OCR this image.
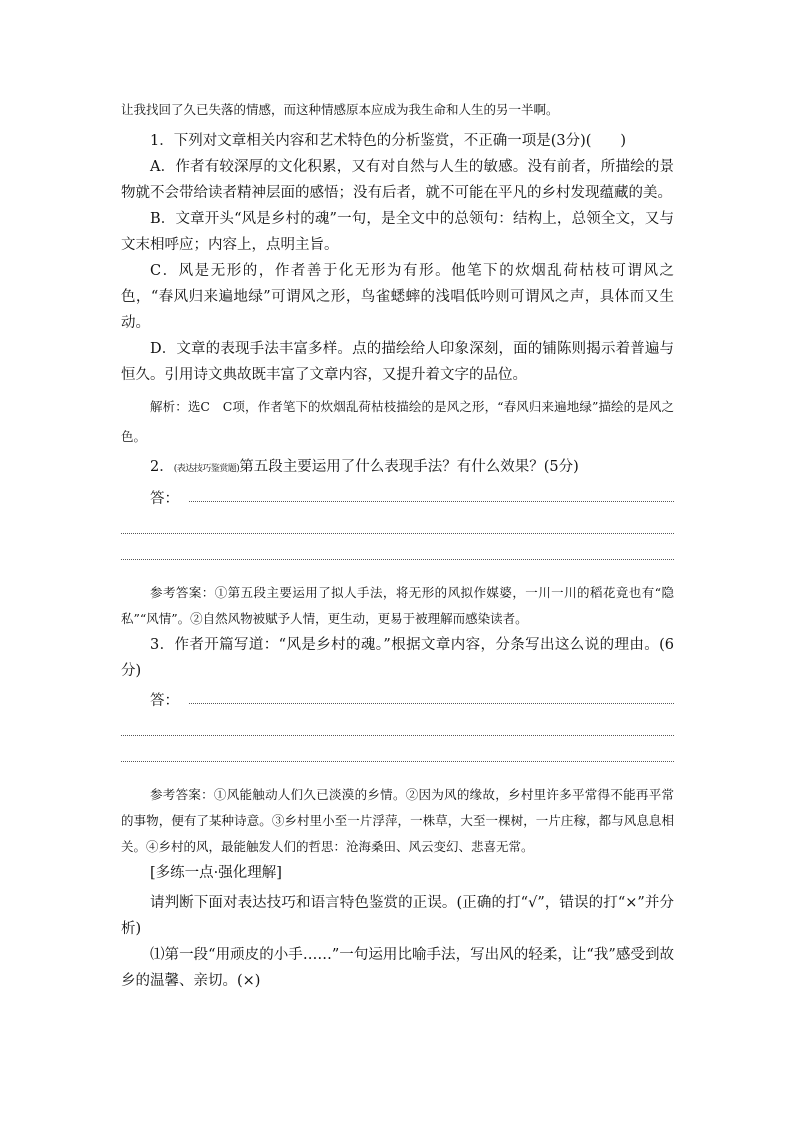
让我找回了久已失落的情感，而这种情感原本应成为我生命和人生的另一半啊。

1．下列对文章相关内容和艺术特色的分析鉴赏，不正确一项是(3分)(　　)

A．作者有较深厚的文化积累，又有对自然与人生的敏感。没有前者，所描绘的景物就不会带给读者精神层面的感悟；没有后者，就不可能在平凡的乡村发现蕴藏的美。

B．文章开头“风是乡村的魂”一句，是全文中的总领句：结构上，总领全文，又与文末相呼应；内容上，点明主旨。

C．风是无形的，作者善于化无形为有形。他笔下的炊烟乱荷枯枝可谓风之色，“春风归来遍地绿”可谓风之形，鸟雀蟋蟀的浅唱低吟则可谓风之声，具体而又生动。

D．文章的表现手法丰富多样。点的描绘给人印象深刻，面的铺陈则揭示着普遍与恒久。引用诗文典故既丰富了文章内容，又提升着文字的品位。

解析：选C　C项，作者笔下的炊烟乱荷枯枝描绘的是风之形，“春风归来遍地绿”描绘的是风之色。

2．(表达技巧鉴赏题)第五段主要运用了什么表现手法？有什么效果？(5分)

答：

参考答案：①第五段主要运用了拟人手法，将无形的风拟作媒婆，一川一川的稻花竟也有“隐私”“风情”。②自然风物被赋予人情，更生动，更易于被理解而感染读者。

3．作者开篇写道：“风是乡村的魂。”根据文章内容，分条写出这么说的理由。(6分)

答：

参考答案：①风能触动人们久已淡漠的乡情。②因为风的缘故，乡村里许多平常得不能再平常的事物，便有了某种诗意。③乡村里小至一片浮萍，一株草，大至一棵树，一片庄稼，都与风息息相关。④乡村的风，最能触发人们的哲思：沧海桑田、风云变幻、悲喜无常。

[多练一点·强化理解]

请判断下面对表达技巧和语言特色鉴赏的正误。(正确的打“√”，错误的打“×”并分析)

⑴第一段“用顽皮的小手……”一句运用比喻手法，写出风的轻柔，让“我”感受到故乡的温馨、亲切。(×)
